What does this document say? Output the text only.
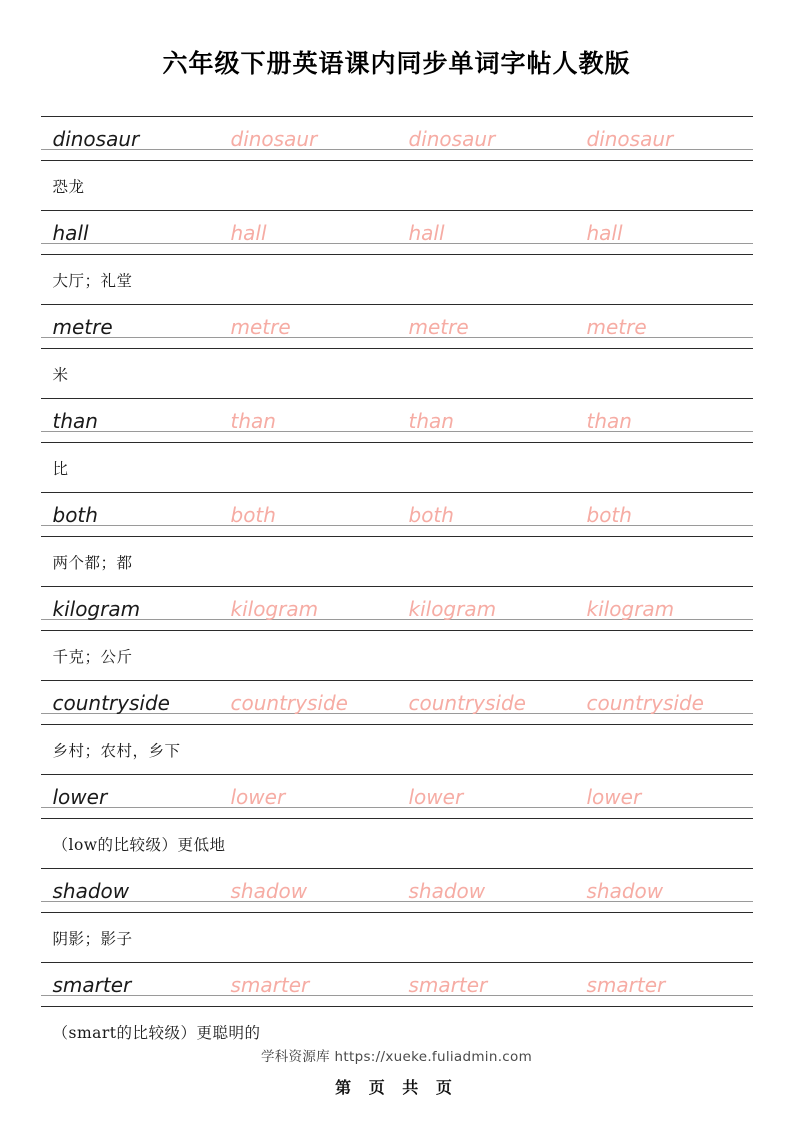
六年级下册英语课内同步单词字帖人教版
dinosaur	dinosaur	dinosaur	dinosaur
恐龙
hall	hall	hall	hall
大厅；礼堂
metre	metre	metre	metre
米
than	than	than	than
比
both	both	both	both
两个都；都
kilogram	kilogram	kilogram	kilogram
千克；公斤
countryside	countryside	countryside	countryside
乡村；农村，乡下
lower	lower	lower	lower
（low的比较级）更低地
shadow	shadow	shadow	shadow
阴影；影子
smarter	smarter	smarter	smarter
（smart的比较级）更聪明的
学科资源库 https://xueke.fuliadmin.com
第 页 共 页
